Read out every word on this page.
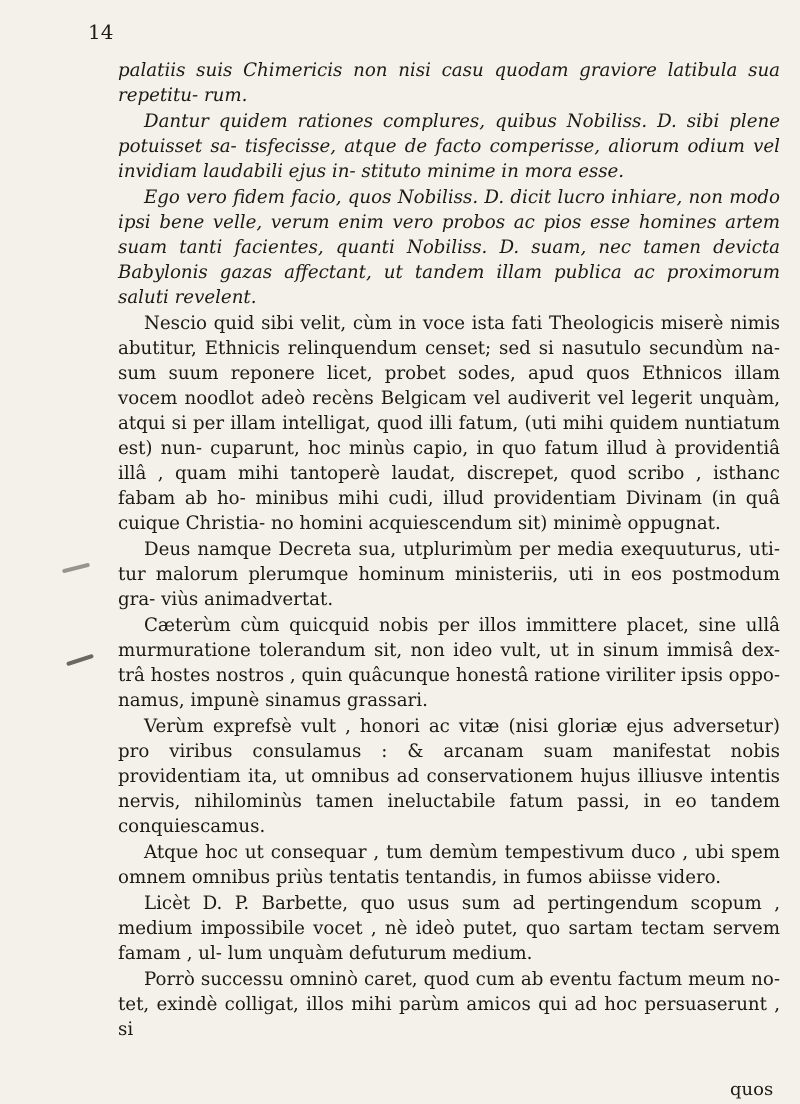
14

palatiis suis Chimericis non nisi casu quodam graviore latibula sua repetitu- rum.

Dantur quidem rationes complures, quibus Nobiliss. D. sibi plene potuisset sa- tisfecisse, atque de facto comperisse, aliorum odium vel invidiam laudabili ejus in- stituto minime in mora esse.

Ego vero fidem facio, quos Nobiliss. D. dicit lucro inhiare, non modo ipsi bene velle, verum enim vero probos ac pios esse homines artem suam tanti facientes, quanti Nobiliss. D. suam, nec tamen devicta Babylonis gazas affectant, ut tandem illam publica ac proximorum saluti revelent.

Nescio quid sibi velit, cùm in voce ista fati Theologicis miserè nimis abutitur, Ethnicis relinquendum censet; sed si nasutulo secundùm na- sum suum reponere licet, probet sodes, apud quos Ethnicos illam vocem noodlot adeò recèns Belgicam vel audiverit vel legerit unquàm, atqui si per illam intelligat, quod illi fatum, (uti mihi quidem nuntiatum est) nun- cuparunt, hoc minùs capio, in quo fatum illud à providentiâ illâ , quam mihi tantoperè laudat, discrepet, quod scribo , isthanc fabam ab ho- minibus mihi cudi, illud providentiam Divinam (in quâ cuique Christia- no homini acquiescendum sit) minimè oppugnat.

Deus namque Decreta sua, utplurimùm per media exequuturus, uti- tur malorum plerumque hominum ministeriis, uti in eos postmodum gra- viùs animadvertat.

Cæterùm cùm quicquid nobis per illos immittere placet, sine ullâ murmuratione tolerandum sit, non ideo vult, ut in sinum immisâ dex- trâ hostes nostros , quin quâcunque honestâ ratione viriliter ipsis oppo- namus, impunè sinamus grassari.

Verùm exprefsè vult , honori ac vitæ (nisi gloriæ ejus adversetur) pro viribus consulamus : & arcanam suam manifestat nobis providentiam ita, ut omnibus ad conservationem hujus illiusve intentis nervis, nihilominùs tamen ineluctabile fatum passi, in eo tandem conquiescamus.

Atque hoc ut consequar , tum demùm tempestivum duco , ubi spem omnem omnibus priùs tentatis tentandis, in fumos abiisse videro.

Licèt D. P. Barbette, quo usus sum ad pertingendum scopum , medium impossibile vocet , nè ideò putet, quo sartam tectam servem famam , ul- lum unquàm defuturum medium.

Porrò successu omninò caret, quod cum ab eventu factum meum no- tet, exindè colligat, illos mihi parùm amicos qui ad hoc persuaserunt , si

quos
